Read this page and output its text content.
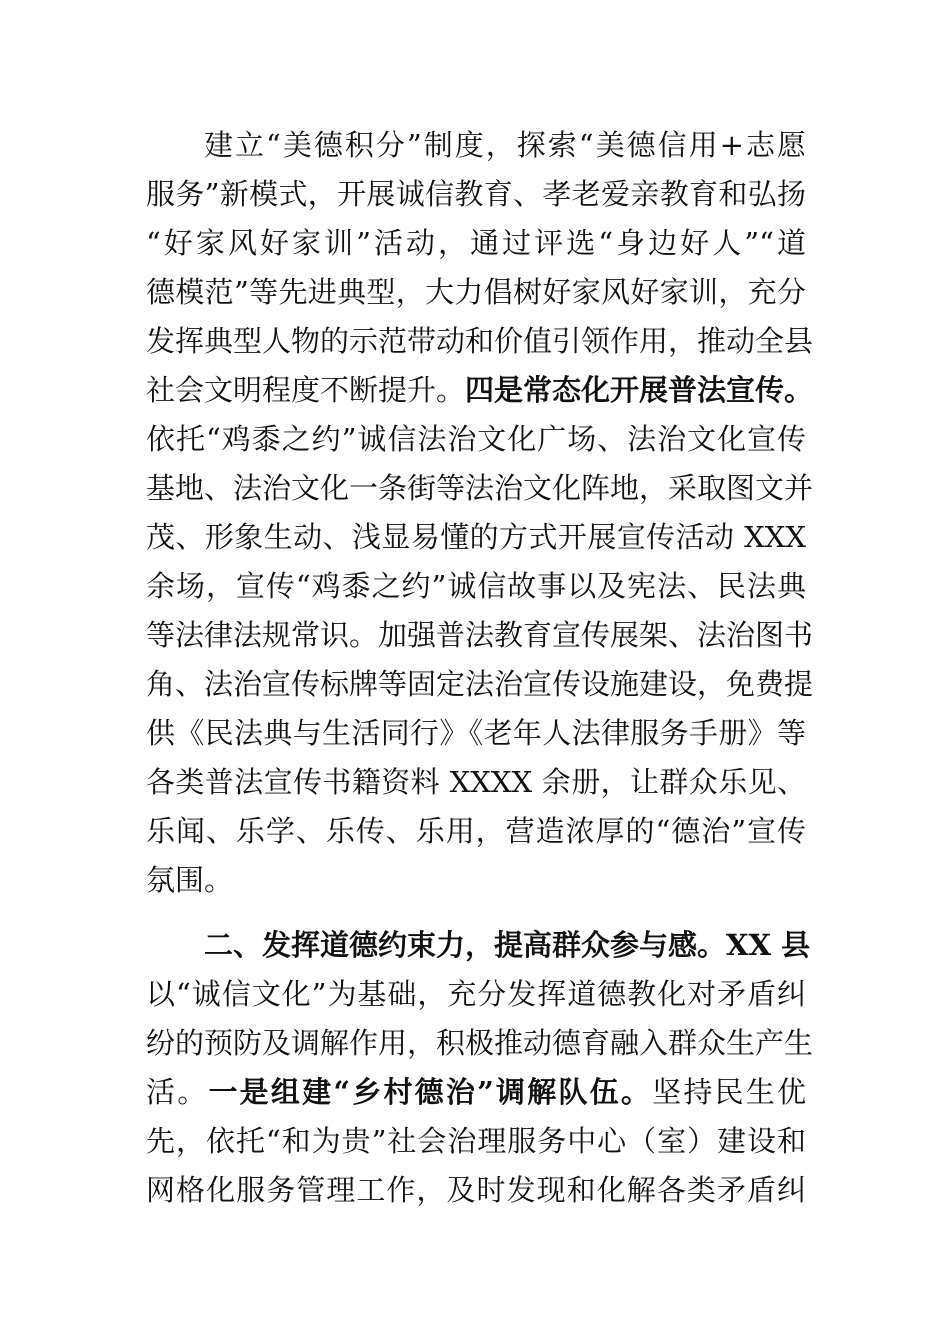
建立“美德积分”制度，探索“美德信用+志愿
服务”新模式，开展诚信教育、孝老爱亲教育和弘扬
“好家风好家训”活动，通过评选“身边好人”“道
德模范”等先进典型，大力倡树好家风好家训，充分
发挥典型人物的示范带动和价值引领作用，推动全县
社会文明程度不断提升。四是常态化开展普法宣传。
依托“鸡黍之约”诚信法治文化广场、法治文化宣传
基地、法治文化一条街等法治文化阵地，采取图文并
茂、形象生动、浅显易懂的方式开展宣传活动 XXX
余场，宣传“鸡黍之约”诚信故事以及宪法、民法典
等法律法规常识。加强普法教育宣传展架、法治图书
角、法治宣传标牌等固定法治宣传设施建设，免费提
供《民法典与生活同行》《老年人法律服务手册》等
各类普法宣传书籍资料 XXXX 余册，让群众乐见、
乐闻、乐学、乐传、乐用，营造浓厚的“德治”宣传
氛围。
二、发挥道德约束力，提高群众参与感。XX 县
以“诚信文化”为基础，充分发挥道德教化对矛盾纠
纷的预防及调解作用，积极推动德育融入群众生产生
活。一是组建“乡村德治”调解队伍。坚持民生优
先，依托“和为贵”社会治理服务中心（室）建设和
网格化服务管理工作，及时发现和化解各类矛盾纠
